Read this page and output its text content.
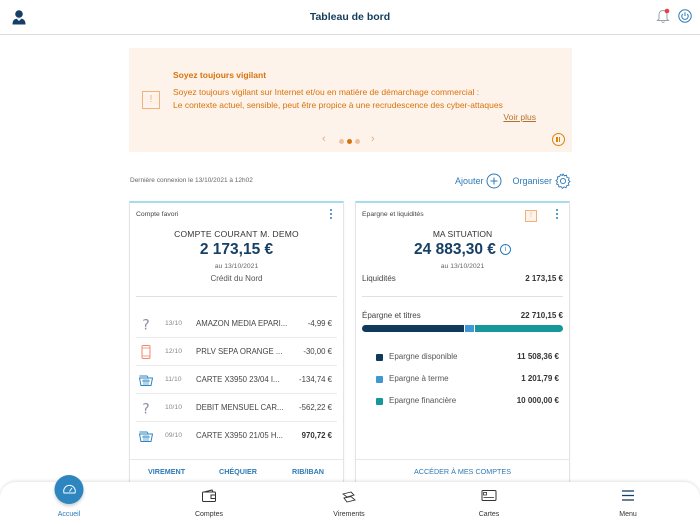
Tableau de bord
Soyez toujours vigilant
!
Soyez toujours vigilant sur Internet et/ou en matière de démarchage commercial :
Le contexte actuel, sensible, peut être propice à une recrudescence des cyber-attaques
Voir plus
‹	›
Dernière connexion le 13/10/2021 à 12h02	Ajouter	Organiser
Compte favori
COMPTE COURANT M. DEMO
2 173,15 €
au 13/10/2021
Crédit du Nord
? 13/10 AMAZON MEDIA EPARI...	-4,99 €
12/10 PRLV SEPA ORANGE ...	-30,00 €
11/10 CARTE X3950 23/04 I...	-134,74 €
? 10/10 DEBIT MENSUEL CAR... -562,22 €
09/10 CARTE X3950 21/05 H... 970,72 €
VIREMENT	CHÉQUIER	RIB/IBAN
Epargne et liquidités	!
MA SITUATION
24 883,30 € i
au 13/10/2021
Liquidités	2 173,15 €
Épargne et titres	22 710,15 €
Epargne disponible	11 508,36 €
Epargne à terme	1 201,79 €
Epargne financière	10 000,00 €
ACCÉDER À MES COMPTES
Accueil	Comptes	Virements	Cartes	Menu
